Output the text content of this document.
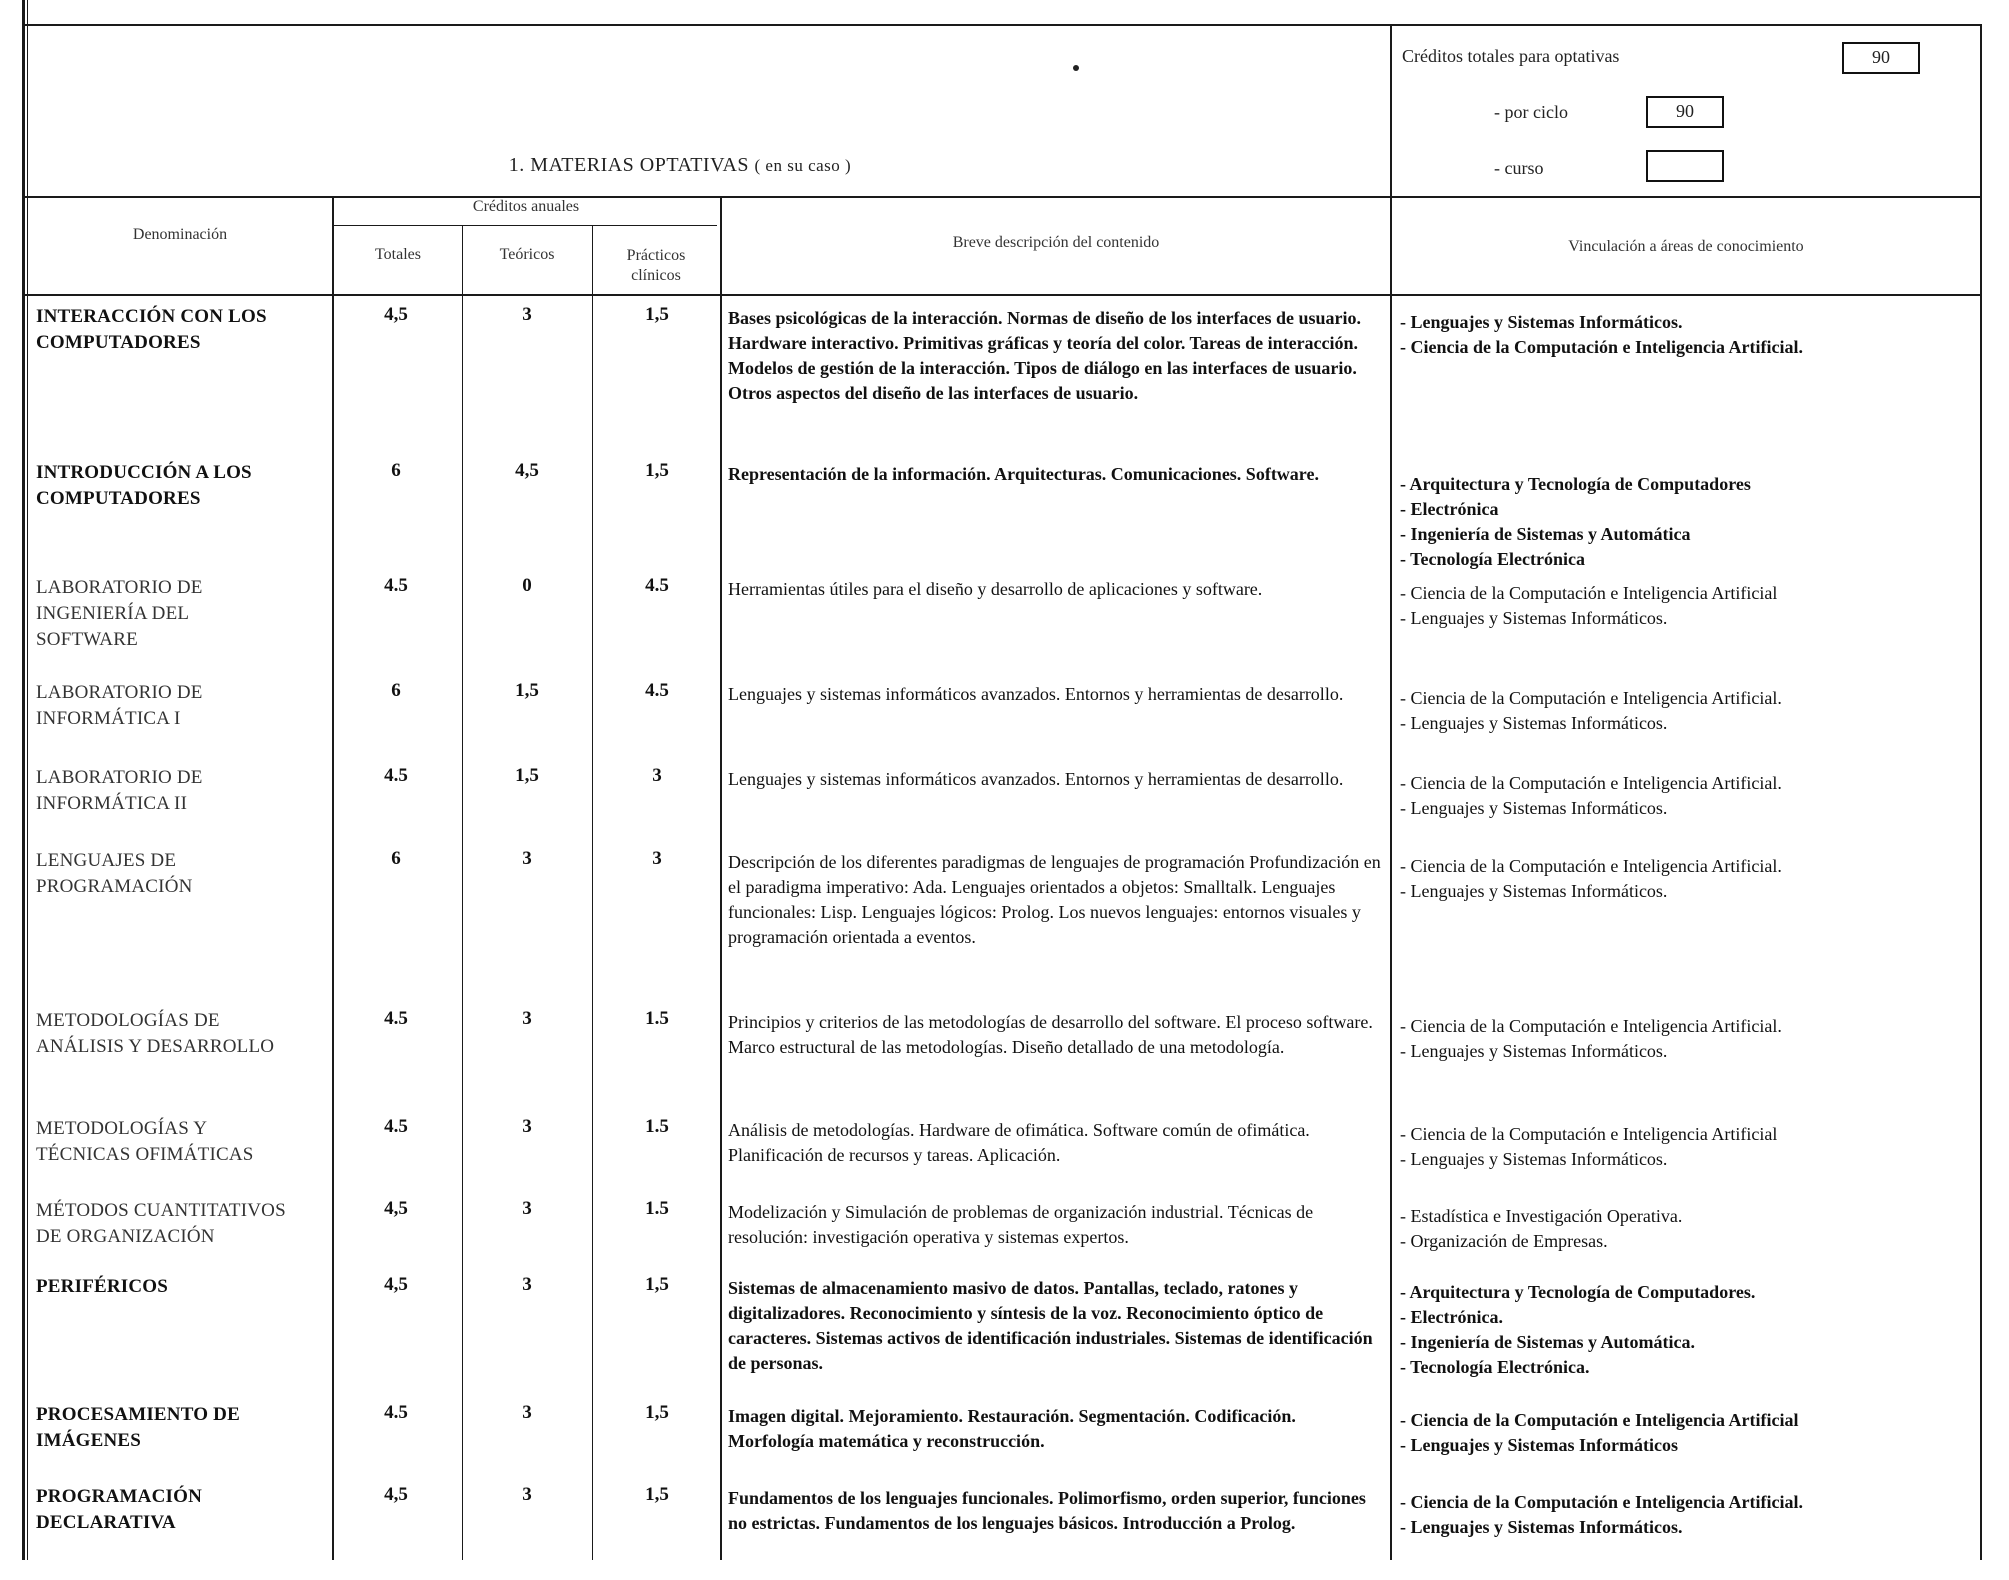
1. MATERIAS OPTATIVAS ( en su caso )
Créditos totales para optativas	90
- por ciclo	90
- curso
Denominación
Créditos anuales
Totales	Teóricos	Prácticos
clínicos
Breve descripción del contenido	Vinculación a áreas de conocimiento
INTERACCIÓN CON LOS
COMPUTADORES
4,5	3	1,5	Bases psicológicas de la interacción. Normas de diseño de los interfaces de usuario. Hardware interactivo. Primitivas gráficas y teoría del color. Tareas de interacción. Modelos de gestión de la interacción. Tipos de diálogo en las interfaces de usuario. Otros aspectos del diseño de las interfaces de usuario.
- Lenguajes y Sistemas Informáticos.
- Ciencia de la Computación e Inteligencia Artificial.
INTRODUCCIÓN A LOS
COMPUTADORES
6	4,5	1,5	Representación de la información. Arquitecturas. Comunicaciones. Software.	- Arquitectura y Tecnología de Computadores
- Electrónica
- Ingeniería de Sistemas y Automática
- Tecnología Electrónica
LABORATORIO DE
INGENIERÍA DEL
SOFTWARE
4.5	0	4.5	Herramientas útiles para el diseño y desarrollo de aplicaciones y software.	- Ciencia de la Computación e Inteligencia Artificial
- Lenguajes y Sistemas Informáticos.
LABORATORIO DE
INFORMÁTICA I
6	1,5	4.5	Lenguajes y sistemas informáticos avanzados. Entornos y herramientas de desarrollo.	- Ciencia de la Computación e Inteligencia Artificial.
- Lenguajes y Sistemas Informáticos.
LABORATORIO DE
INFORMÁTICA II
4.5	1,5	3	Lenguajes y sistemas informáticos avanzados. Entornos y herramientas de desarrollo.	- Ciencia de la Computación e Inteligencia Artificial.
- Lenguajes y Sistemas Informáticos.
LENGUAJES DE
PROGRAMACIÓN
6	3	3	Descripción de los diferentes paradigmas de lenguajes de programación Profundización en el paradigma imperativo: Ada. Lenguajes orientados a objetos: Smalltalk. Lenguajes funcionales: Lisp. Lenguajes lógicos: Prolog. Los nuevos lenguajes: entornos visuales y programación orientada a eventos.
- Ciencia de la Computación e Inteligencia Artificial.
- Lenguajes y Sistemas Informáticos.
METODOLOGÍAS DE
ANÁLISIS Y DESARROLLO
4.5	3	1.5	Principios y criterios de las metodologías de desarrollo del software. El proceso software. Marco estructural de las metodologías. Diseño detallado de una metodología.
- Ciencia de la Computación e Inteligencia Artificial.
- Lenguajes y Sistemas Informáticos.
METODOLOGÍAS Y
TÉCNICAS OFIMÁTICAS
4.5	3	1.5	Análisis de metodologías. Hardware de ofimática. Software común de ofimática. Planificación de recursos y tareas. Aplicación.
- Ciencia de la Computación e Inteligencia Artificial
- Lenguajes y Sistemas Informáticos.
MÉTODOS CUANTITATIVOS
DE ORGANIZACIÓN
4,5	3	1.5	Modelización y Simulación de problemas de organización industrial. Técnicas de resolución: investigación operativa y sistemas expertos.
- Estadística e Investigación Operativa.
- Organización de Empresas.
PERIFÉRICOS	4,5	3	1,5	Sistemas de almacenamiento masivo de datos. Pantallas, teclado, ratones y digitalizadores. Reconocimiento y síntesis de la voz. Reconocimiento óptico de caracteres. Sistemas activos de identificación industriales. Sistemas de identificación de personas.
- Arquitectura y Tecnología de Computadores.
- Electrónica.
- Ingeniería de Sistemas y Automática.
- Tecnología Electrónica.
PROCESAMIENTO DE
IMÁGENES
4.5	3	1,5	Imagen digital. Mejoramiento. Restauración. Segmentación. Codificación. Morfología matemática y reconstrucción.
- Ciencia de la Computación e Inteligencia Artificial
- Lenguajes y Sistemas Informáticos
PROGRAMACIÓN
DECLARATIVA
4,5	3	1,5	Fundamentos de los lenguajes funcionales. Polimorfismo, orden superior, funciones no estrictas. Fundamentos de los lenguajes básicos. Introducción a Prolog.
- Ciencia de la Computación e Inteligencia Artificial.
- Lenguajes y Sistemas Informáticos.
